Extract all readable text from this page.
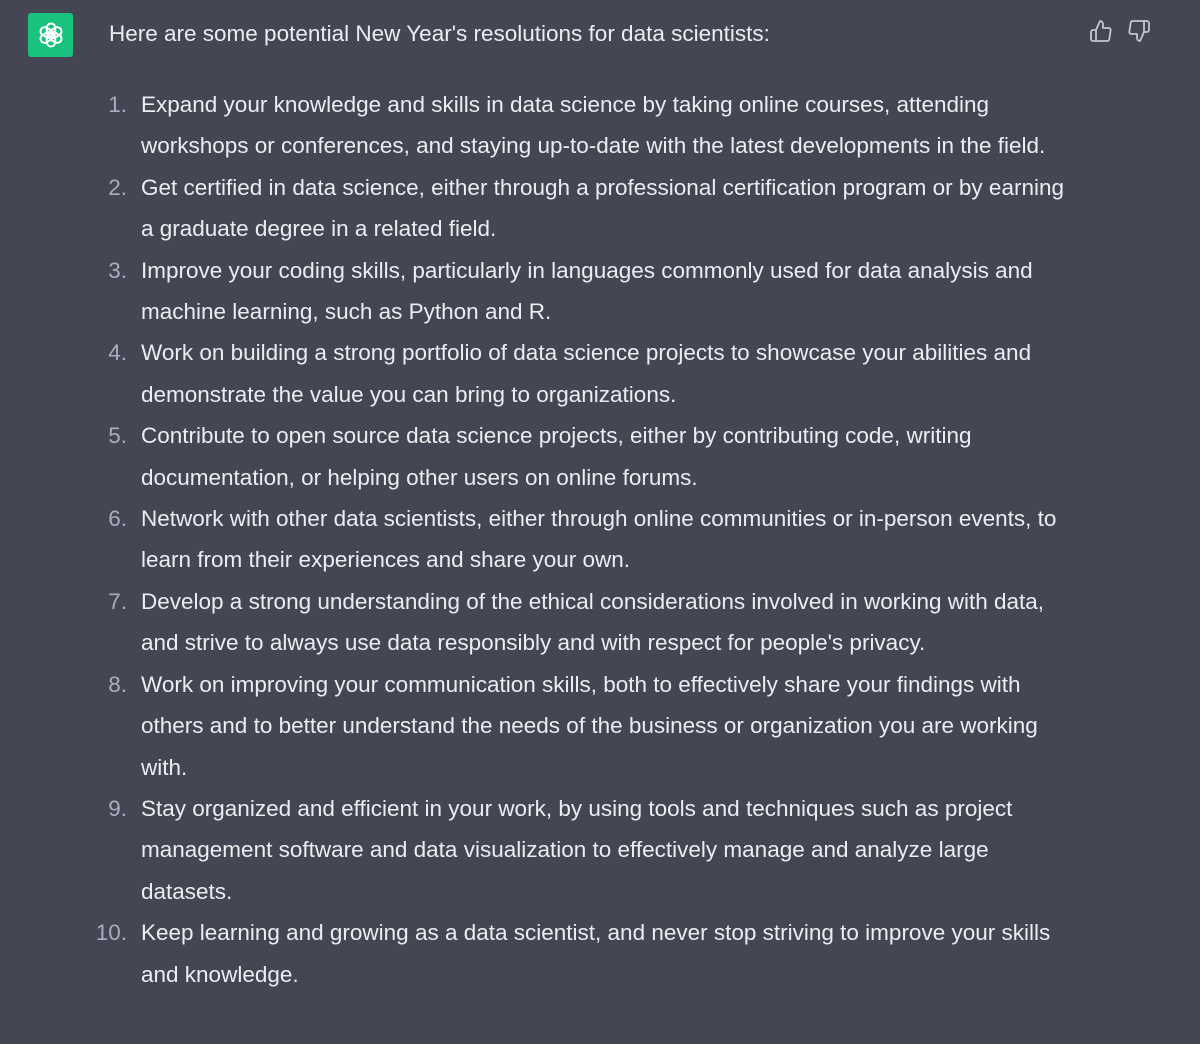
Here are some potential New Year's resolutions for data scientists:

1. Expand your knowledge and skills in data science by taking online courses, attending workshops or conferences, and staying up-to-date with the latest developments in the field.
2. Get certified in data science, either through a professional certification program or by earning a graduate degree in a related field.
3. Improve your coding skills, particularly in languages commonly used for data analysis and machine learning, such as Python and R.
4. Work on building a strong portfolio of data science projects to showcase your abilities and demonstrate the value you can bring to organizations.
5. Contribute to open source data science projects, either by contributing code, writing documentation, or helping other users on online forums.
6. Network with other data scientists, either through online communities or in-person events, to learn from their experiences and share your own.
7. Develop a strong understanding of the ethical considerations involved in working with data, and strive to always use data responsibly and with respect for people's privacy.
8. Work on improving your communication skills, both to effectively share your findings with others and to better understand the needs of the business or organization you are working with.
9. Stay organized and efficient in your work, by using tools and techniques such as project management software and data visualization to effectively manage and analyze large datasets.
10. Keep learning and growing as a data scientist, and never stop striving to improve your skills and knowledge.
